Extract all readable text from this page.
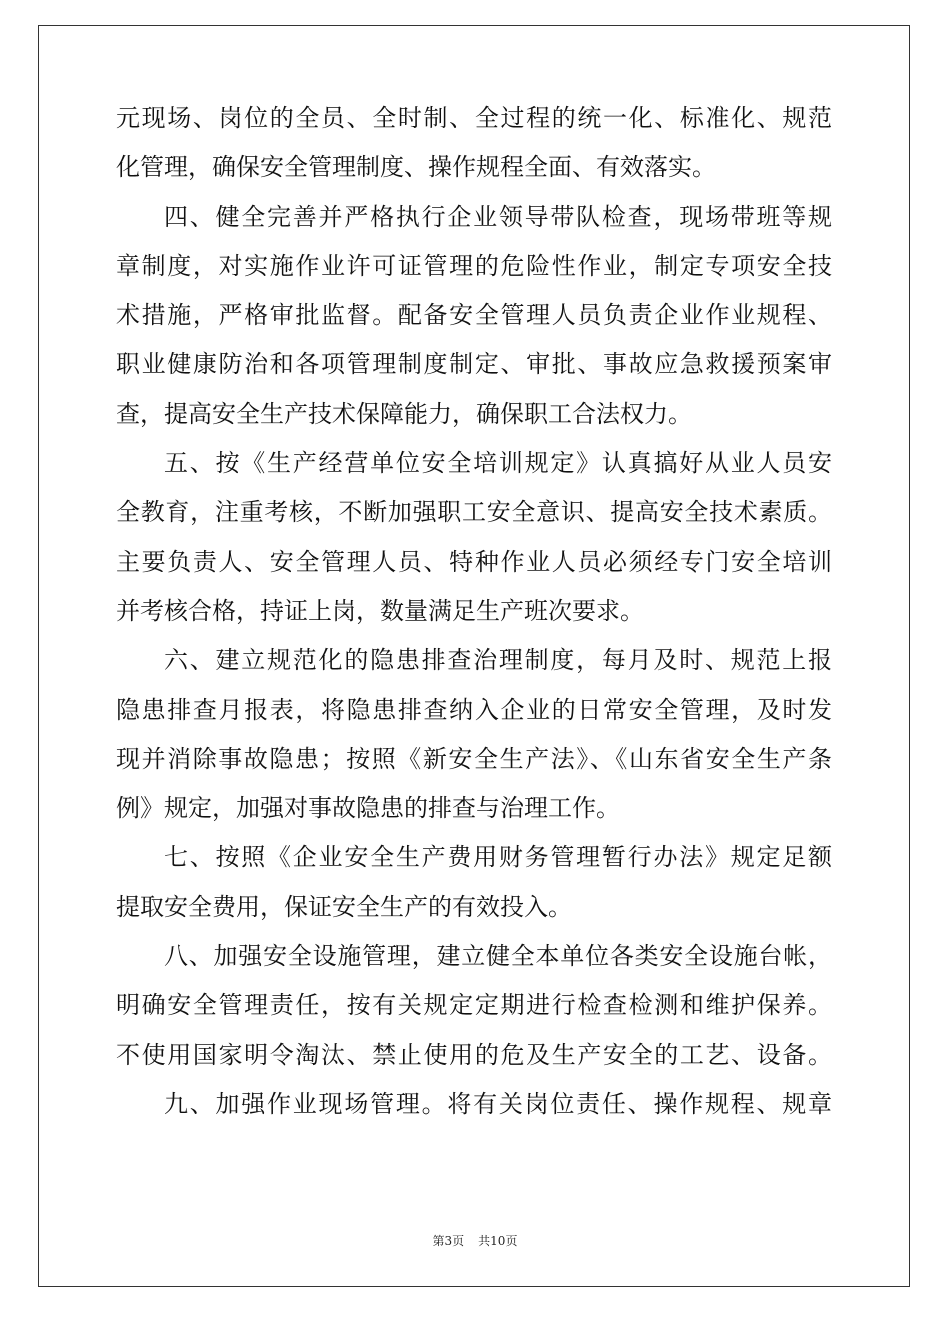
元现场、岗位的全员、全时制、全过程的统一化、标准化、规范
化管理，确保安全管理制度、操作规程全面、有效落实。
四、健全完善并严格执行企业领导带队检查，现场带班等规
章制度，对实施作业许可证管理的危险性作业，制定专项安全技
术措施，严格审批监督。配备安全管理人员负责企业作业规程、
职业健康防治和各项管理制度制定、审批、事故应急救援预案审
查，提高安全生产技术保障能力，确保职工合法权力。
五、按《生产经营单位安全培训规定》认真搞好从业人员安
全教育，注重考核，不断加强职工安全意识、提高安全技术素质。
主要负责人、安全管理人员、特种作业人员必须经专门安全培训
并考核合格，持证上岗，数量满足生产班次要求。
六、建立规范化的隐患排查治理制度，每月及时、规范上报
隐患排查月报表，将隐患排查纳入企业的日常安全管理，及时发
现并消除事故隐患；按照《新安全生产法》、《山东省安全生产条
例》规定，加强对事故隐患的排查与治理工作。
七、按照《企业安全生产费用财务管理暂行办法》规定足额
提取安全费用，保证安全生产的有效投入。
八、加强安全设施管理，建立健全本单位各类安全设施台帐，
明确安全管理责任，按有关规定定期进行检查检测和维护保养。
不使用国家明令淘汰、禁止使用的危及生产安全的工艺、设备。
九、加强作业现场管理。将有关岗位责任、操作规程、规章
第3页 共10页
